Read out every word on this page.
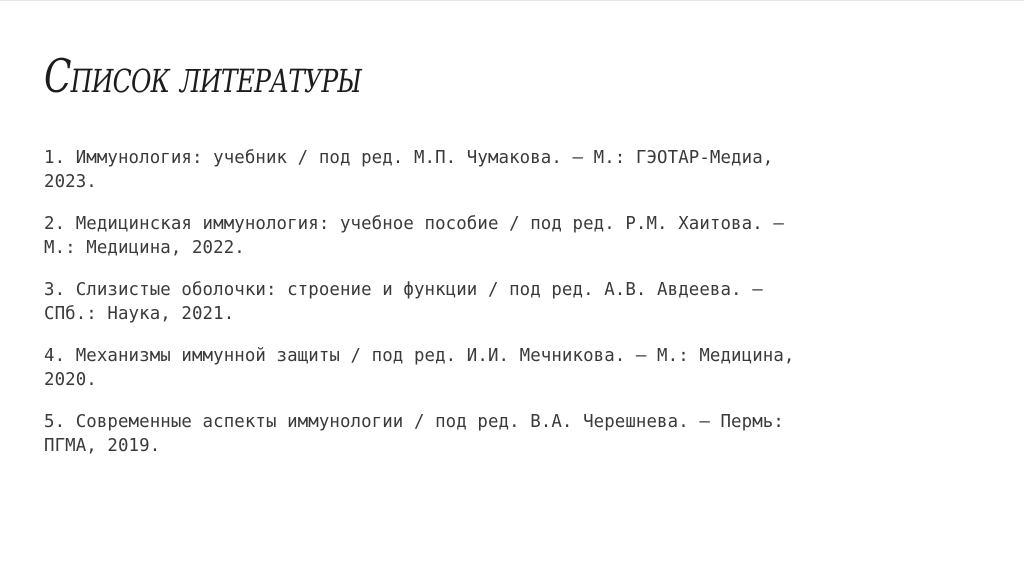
Список литературы
1. Иммунология: учебник / под ред. М.П. Чумакова. — М.: ГЭОТАР-Медиа,
2023.
2. Медицинская иммунология: учебное пособие / под ред. Р.М. Хаитова. —
М.: Медицина, 2022.
3. Слизистые оболочки: строение и функции / под ред. А.В. Авдеева. —
СПб.: Наука, 2021.
4. Механизмы иммунной защиты / под ред. И.И. Мечникова. — М.: Медицина,
2020.
5. Современные аспекты иммунологии / под ред. В.А. Черешнева. — Пермь:
ПГМА, 2019.
